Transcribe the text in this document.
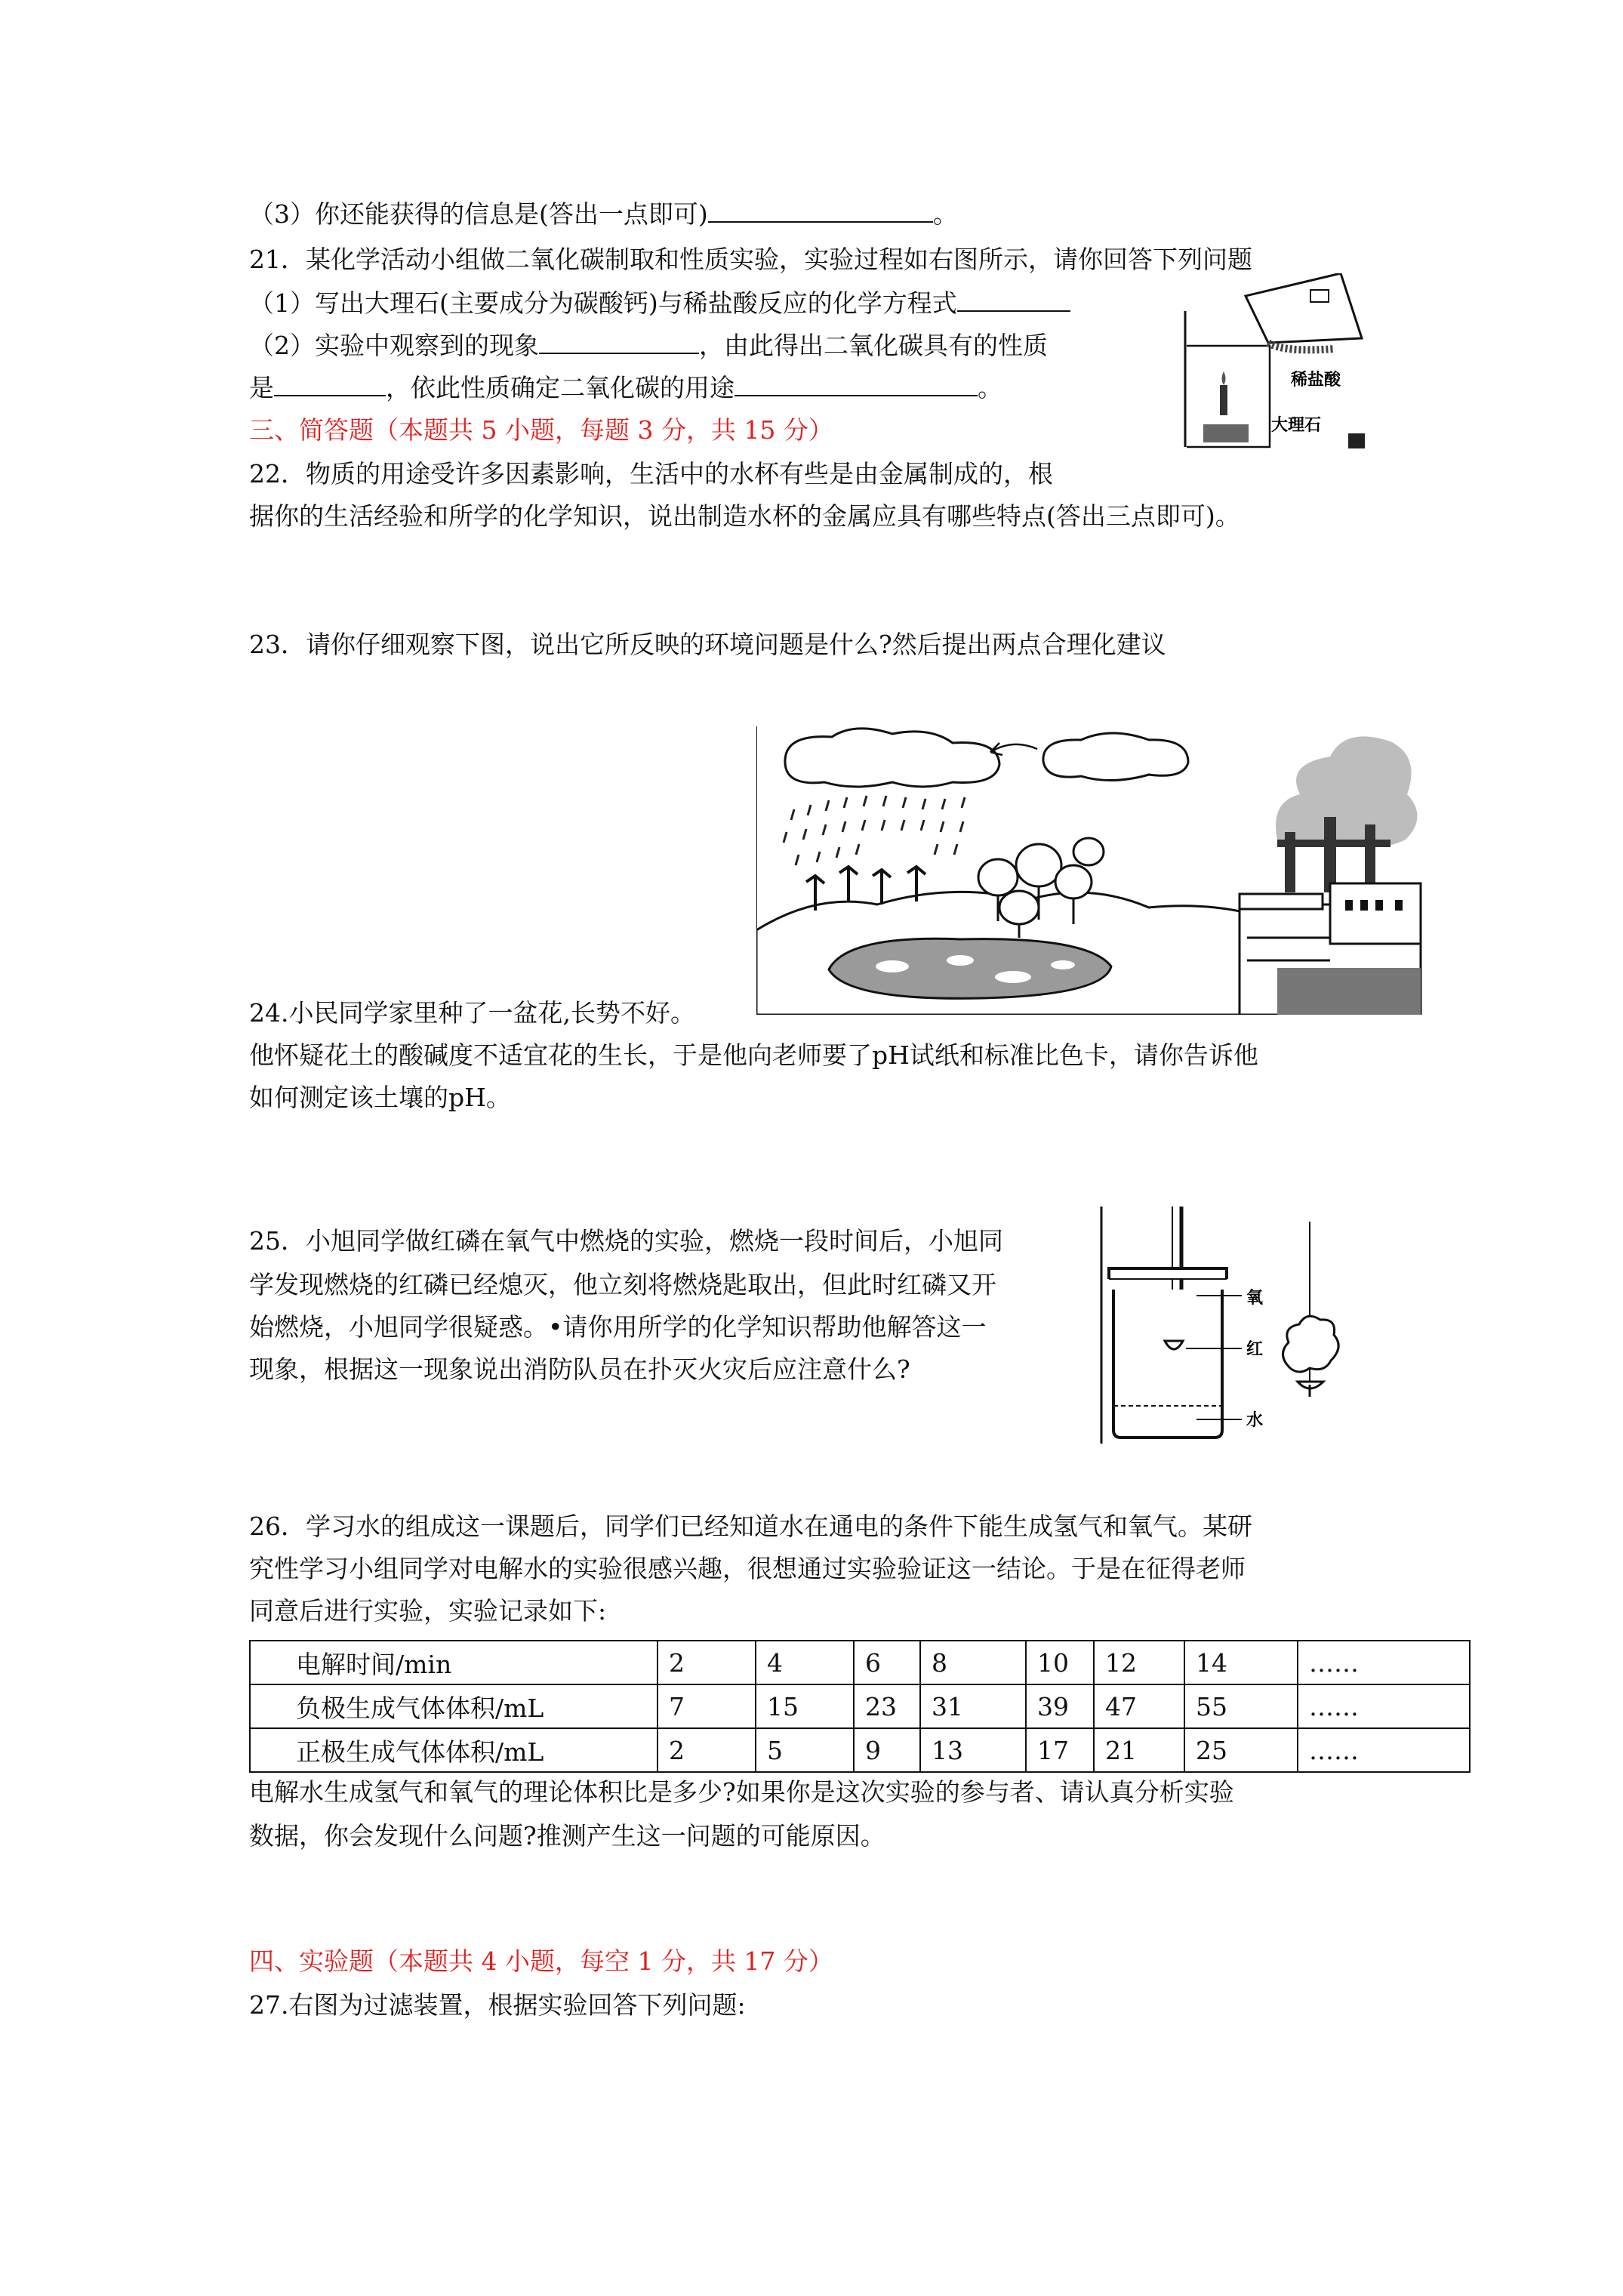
（3）你还能获得的信息是(答出一点即可)	。
21．某化学活动小组做二氧化碳制取和性质实验，实验过程如右图所示，请你回答下列问题
（1）写出大理石(主要成分为碳酸钙)与稀盐酸反应的化学方程式
（2）实验中观察到的现象	，由此得出二氧化碳具有的性质
是	，依此性质确定二氧化碳的用途	。	稀盐酸
大理石
三、简答题（本题共 5 小题，每题 3 分，共 15 分）
22．物质的用途受许多因素影响，生活中的水杯有些是由金属制成的，根
据你的生活经验和所学的化学知识，说出制造水杯的金属应具有哪些特点(答出三点即可)。
23．请你仔细观察下图，说出它所反映的环境问题是什么?然后提出两点合理化建议
24.小民同学家里种了一盆花,长势不好。
他怀疑花土的酸碱度不适宜花的生长，于是他向老师要了pH试纸和标准比色卡，请你告诉他
如何测定该土壤的pH。
25．小旭同学做红磷在氧气中燃烧的实验，燃烧一段时间后，小旭同
学发现燃烧的红磷已经熄灭，他立刻将燃烧匙取出，但此时红磷又开
始燃烧，小旭同学很疑惑。•请你用所学的化学知识帮助他解答这一
现象，根据这一现象说出消防队员在扑灭火灾后应注意什么?
氧
红
水
26．学习水的组成这一课题后，同学们已经知道水在通电的条件下能生成氢气和氧气。某研
究性学习小组同学对电解水的实验很感兴趣，很想通过实验验证这一结论。于是在征得老师
同意后进行实验，实验记录如下:
电解时间/min	2	4	6	8	10	12	14	……
负极生成气体体积/mL	7	15	23	31	39	47	55	……
正极生成气体体积/mL	2	5	9	13	17	21	25	……
电解水生成氢气和氧气的理论体积比是多少?如果你是这次实验的参与者、请认真分析实验
数据，你会发现什么问题?推测产生这一问题的可能原因。
四、实验题（本题共 4 小题，每空 1 分，共 17 分）
27.右图为过滤装置，根据实验回答下列问题:
